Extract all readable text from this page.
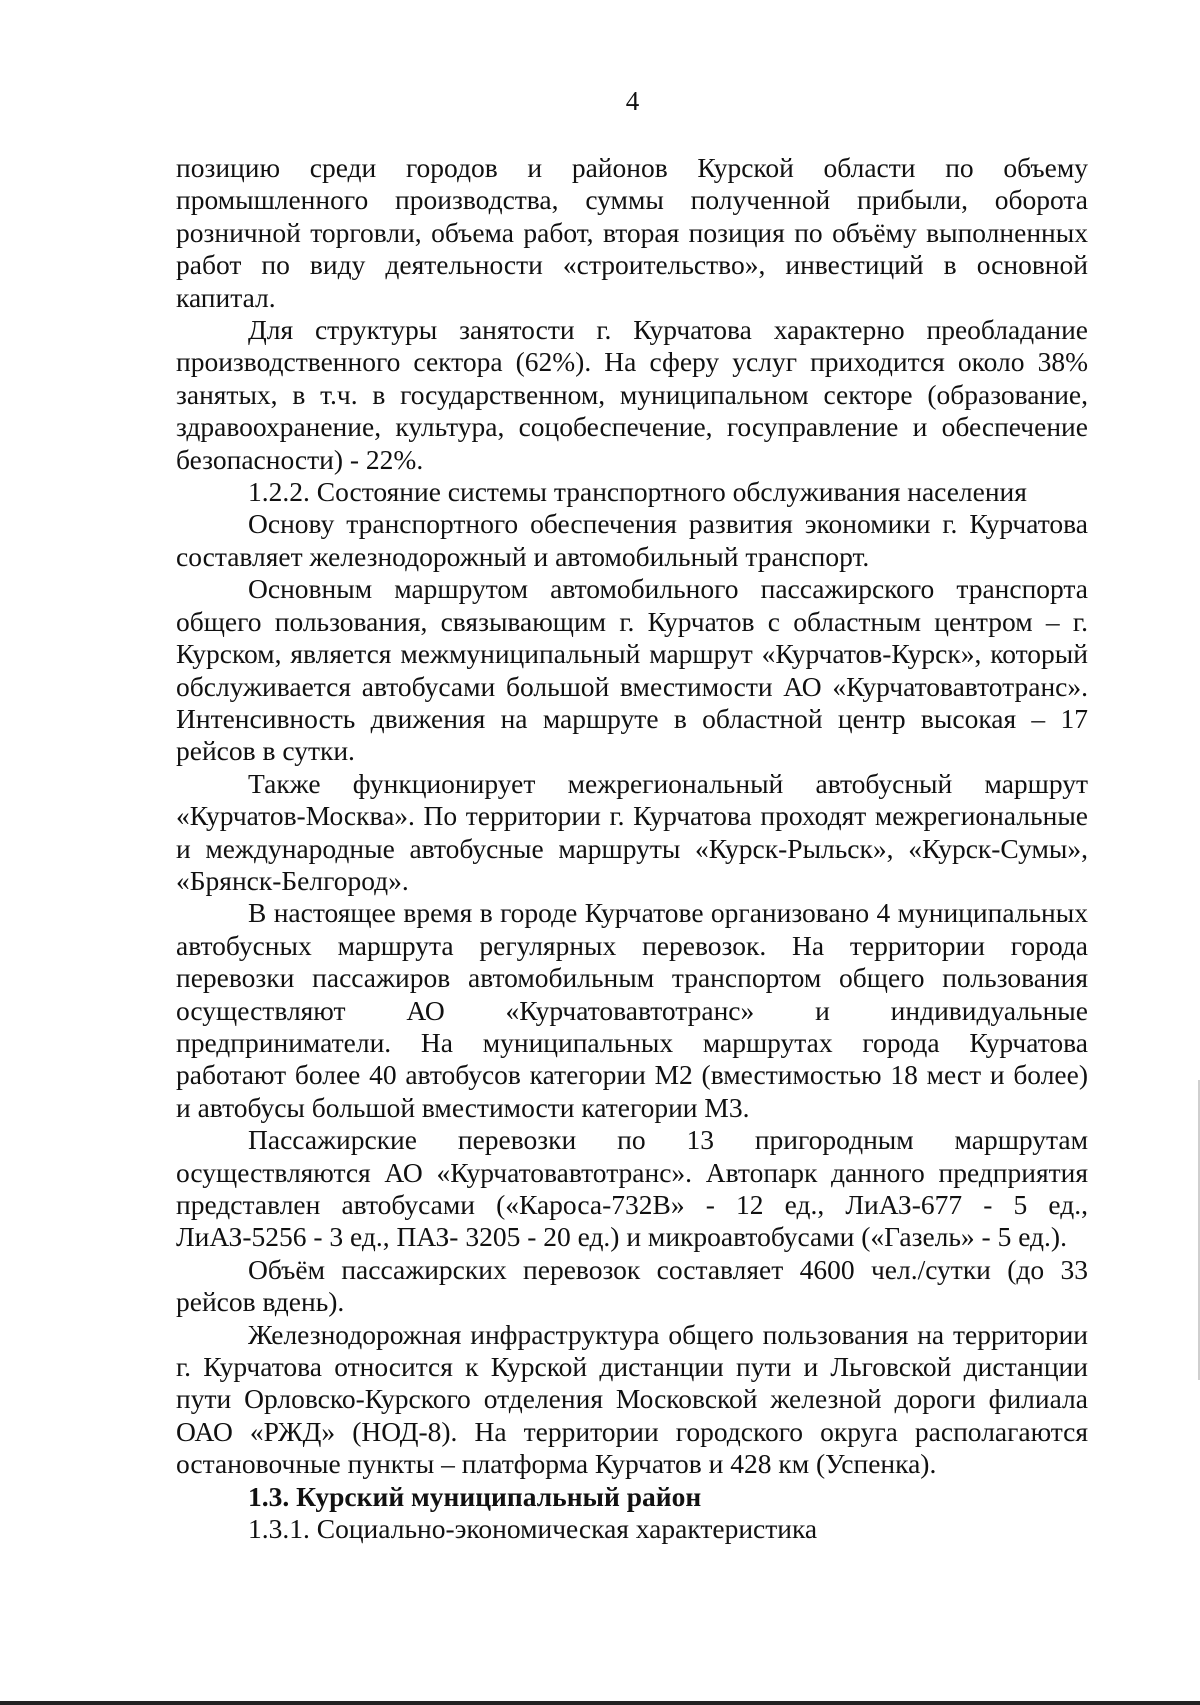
4

позицию среди городов и районов Курской области по объему промышленного производства, суммы полученной прибыли, оборота розничной торговли, объема работ, вторая позиция по объёму выполненных работ по виду деятельности «строительство», инвестиций в основной капитал.

Для структуры занятости г. Курчатова характерно преобладание производственного сектора (62%). На сферу услуг приходится около 38% занятых, в т.ч. в государственном, муниципальном секторе (образование, здравоохранение, культура, соцобеспечение, госуправление и обеспечение безопасности) - 22%.

1.2.2. Состояние системы транспортного обслуживания населения

Основу транспортного обеспечения развития экономики г. Курчатова составляет железнодорожный и автомобильный транспорт.

Основным маршрутом автомобильного пассажирского транспорта общего пользования, связывающим г. Курчатов с областным центром – г. Курском, является межмуниципальный маршрут «Курчатов-Курск», который обслуживается автобусами большой вместимости АО «Курчатовавтотранс». Интенсивность движения на маршруте в областной центр высокая – 17 рейсов в сутки.

Также функционирует межрегиональный автобусный маршрут «Курчатов-Москва». По территории г. Курчатова проходят межрегиональные и международные автобусные маршруты «Курск-Рыльск», «Курск-Сумы», «Брянск-Белгород».

В настоящее время в городе Курчатове организовано 4 муниципальных автобусных маршрута регулярных перевозок. На территории города перевозки пассажиров автомобильным транспортом общего пользования осуществляют АО «Курчатовавтотранс» и индивидуальные предприниматели. На муниципальных маршрутах города Курчатова работают более 40 автобусов категории М2 (вместимостью 18 мест и более) и автобусы большой вместимости категории М3.

Пассажирские перевозки по 13 пригородным маршрутам осуществляются АО «Курчатовавтотранс». Автопарк данного предприятия представлен автобусами («Кароса-732В» - 12 ед., ЛиАЗ-677 - 5 ед., ЛиАЗ-5256 - 3 ед., ПАЗ- 3205 - 20 ед.) и микроавтобусами («Газель» - 5 ед.).

Объём пассажирских перевозок составляет 4600 чел./сутки (до 33 рейсов вдень).

Железнодорожная инфраструктура общего пользования на территории г. Курчатова относится к Курской дистанции пути и Льговской дистанции пути Орловско-Курского отделения Московской железной дороги филиала ОАО «РЖД» (НОД-8). На территории городского округа располагаются остановочные пункты – платформа Курчатов и 428 км (Успенка).

1.3. Курский муниципальный район

1.3.1. Социально-экономическая характеристика
